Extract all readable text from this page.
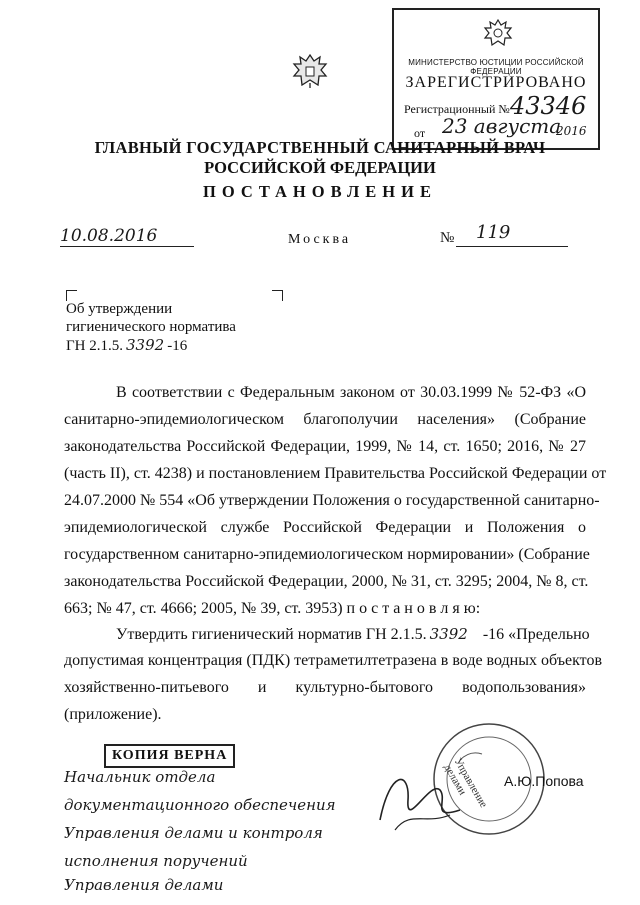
МИНИСТЕРСТВО ЮСТИЦИИ РОССИЙСКОЙ ФЕДЕРАЦИИ
ЗАРЕГИСТРИРОВАНО
Регистрационный № 43346
от 23 августа
2016
ГЛАВНЫЙ ГОСУДАРСТВЕННЫЙ САНИТАРНЫЙ ВРАЧ
РОССИЙСКОЙ ФЕДЕРАЦИИ
ПОСТАНОВЛЕНИЕ
10.08.2016	Москва	№ 119
Об утверждении
гигиенического норматива
ГН 2.1.5. 3392 -16
В соответствии с Федеральным законом от 30.03.1999 № 52-ФЗ «О
санитарно-эпидемиологическом благополучии населения» (Собрание
законодательства Российской Федерации, 1999, № 14, ст. 1650; 2016, № 27
(часть II), ст. 4238) и постановлением Правительства Российской Федерации от
24.07.2000 № 554 «Об утверждении Положения о государственной санитарно-
эпидемиологической службе Российской Федерации и Положения о
государственном санитарно-эпидемиологическом нормировании» (Собрание
законодательства Российской Федерации, 2000, № 31, ст. 3295; 2004, № 8, ст.
663; № 47, ст. 4666; 2005, № 39, ст. 3953) п о с т а н о в л я ю:
Утвердить гигиенический норматив ГН 2.1.5. 3392 -16 «Предельно
допустимая концентрация (ПДК) тетраметилтетразена в воде водных объектов
хозяйственно-питьевого и культурно-бытового водопользования»
(приложение).
КОПИЯ ВЕРНА
Управление делами	А.Ю.Попова
Начальник отдела
документационного обеспечения
Управления делами и контроля
исполнения поручений
Управления делами
